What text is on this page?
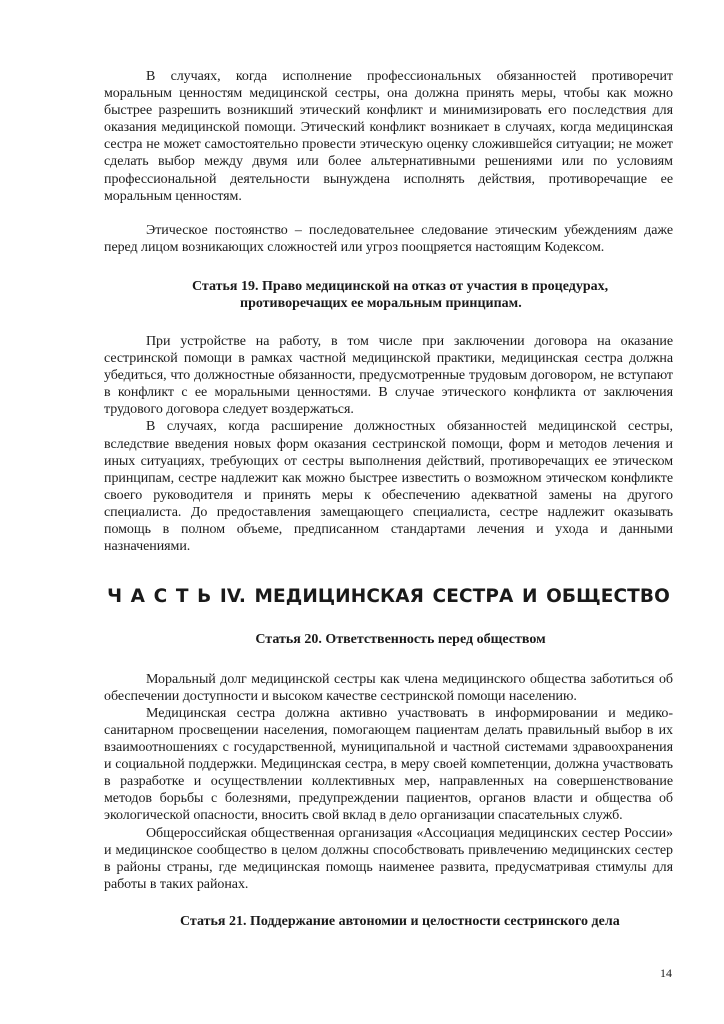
В случаях, когда исполнение профессиональных обязанностей противоречит моральным ценностям медицинской сестры, она должна принять меры, чтобы как можно быстрее разрешить возникший этический конфликт и минимизировать его последствия для оказания медицинской помощи. Этический конфликт возникает в случаях, когда медицинская сестра не может самостоятельно провести этическую оценку сложившейся ситуации; не может сделать выбор между двумя или более альтернативными решениями или по условиям профессиональной деятельности вынуждена исполнять действия, противоречащие ее моральным ценностям.

Этическое постоянство – последовательнее следование этическим убеждениям даже перед лицом возникающих сложностей или угроз поощряется настоящим Кодексом.

Статья 19. Право медицинской на отказ от участия в процедурах,
противоречащих ее моральным принципам.

При устройстве на работу, в том числе при заключении договора на оказание сестринской помощи в рамках частной медицинской практики, медицинская сестра должна убедиться, что должностные обязанности, предусмотренные трудовым договором, не вступают в конфликт с ее моральными ценностями. В случае этического конфликта от заключения трудового договора следует воздержаться.

В случаях, когда расширение должностных обязанностей медицинской сестры, вследствие введения новых форм оказания сестринской помощи, форм и методов лечения и иных ситуациях, требующих от сестры выполнения действий, противоречащих ее этическом принципам, сестре надлежит как можно быстрее известить о возможном этическом конфликте своего руководителя и принять меры к обеспечению адекватной замены на другого специалиста. До предоставления замещающего специалиста, сестре надлежит оказывать помощь в полном объеме, предписанном стандартами лечения и ухода и данными назначениями.

Ч А С Т Ь IV. МЕДИЦИНСКАЯ СЕСТРА И ОБЩЕСТВО
Статья 20. Ответственность перед обществом

Моральный долг медицинской сестры как члена медицинского общества заботиться об обеспечении доступности и высоком качестве сестринской помощи населению.

Медицинская сестра должна активно участвовать в информировании и медико-санитарном просвещении населения, помогающем пациентам делать правильный выбор в их взаимоотношениях с государственной, муниципальной и частной системами здравоохранения и социальной поддержки. Медицинская сестра, в меру своей компетенции, должна участвовать в разработке и осуществлении коллективных мер, направленных на совершенствование методов борьбы с болезнями, предупреждении пациентов, органов власти и общества об экологической опасности, вносить свой вклад в дело организации спасательных служб.

Общероссийская общественная организация «Ассоциация медицинских сестер России» и медицинское сообщество в целом должны способствовать привлечению медицинских сестер в районы страны, где медицинская помощь наименее развита, предусматривая стимулы для работы в таких районах.

Статья 21. Поддержание автономии и целостности сестринского дела
14
